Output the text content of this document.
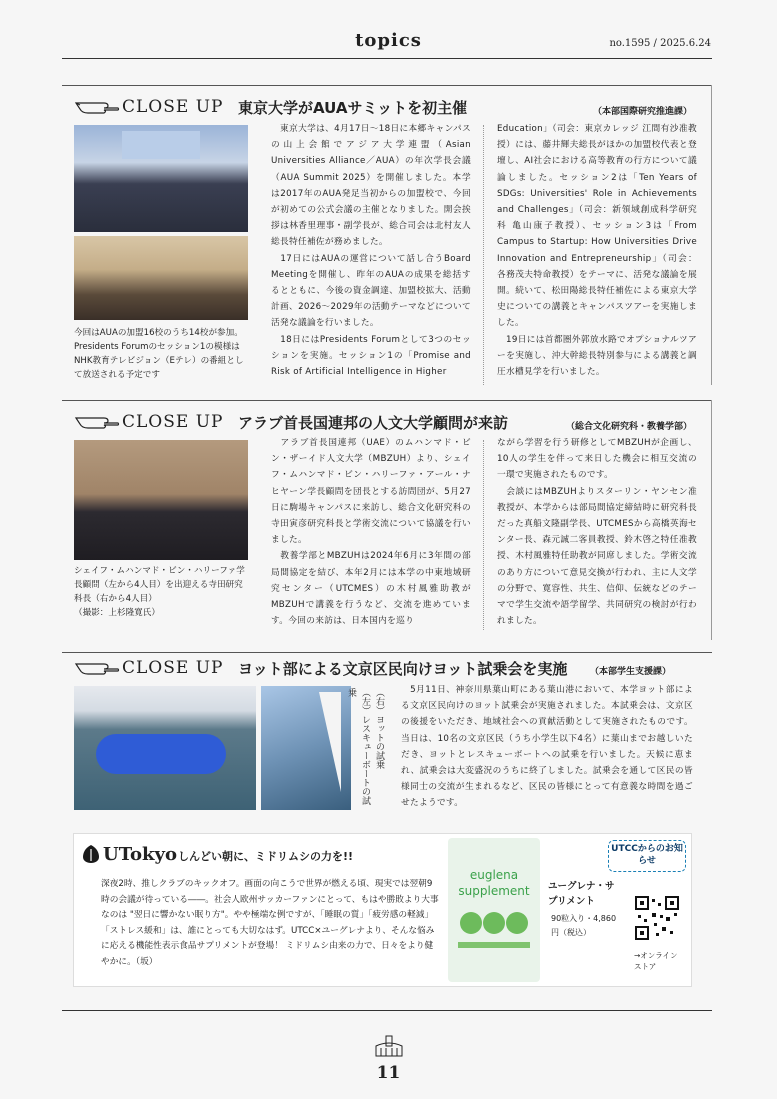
topics	no.1595 / 2025.6.24
CLOSE UP 東京大学がAUAサミットを初主催	（本部国際研究推進課）
今回はAUAの加盟16校のうち14校が参加。Presidents Forumのセッション1の模様はNHK教育テレビジョン（Eテレ）の番組として放送される予定です
　東京大学は、4月17日〜18日に本郷キャンパスの山上会館でアジア大学連盟（Asian Universities Alliance／AUA）の年次学長会議（AUA Summit 2025）を開催しました。本学は2017年のAUA発足当初からの加盟校で、今回が初めての公式会議の主催となりました。開会挨拶は林香里理事・副学長が、総合司会は北村友人総長特任補佐が務めました。
　17日にはAUAの運営について話し合うBoard Meetingを開催し、昨年のAUAの成果を総括するとともに、今後の資金調達、加盟校拡大、活動計画、2026〜2029年の活動テーマなどについて活発な議論を行いました。
　18日にはPresidents Forumとして3つのセッションを実施。セッション1の「Promise and Risk of Artificial Intelligence in Higher
Education」（司会：東京カレッジ 江間有沙准教授）には、藤井輝夫総長がほかの加盟校代表と登壇し、AI社会における高等教育の行方について議論しました。セッション2は「Ten Years of SDGs: Universities' Role in Achievements and Challenges」（司会：新領域創成科学研究科 亀山康子教授）、セッション3は「From Campus to Startup: How Universities Drive Innovation and Entrepreneurship」（司会：各務茂夫特命教授）をテーマに、活発な議論を展開。続いて、松田陽総長特任補佐による東京大学史についての講義とキャンパスツアーを実施しました。
　19日には首都圏外郭放水路でオプショナルツアーを実施し、沖大幹総長特別参与による講義と調圧水槽見学を行いました。
CLOSE UP アラブ首長国連邦の人文大学顧問が来訪	（総合文化研究科・教養学部）
シェイフ・ムハンマド・ビン・ハリーファ学長顧問（左から4人目）を出迎える寺田研究科長（右から4人目）
（撮影：上杉隆寛氏）
　アラブ首長国連邦（UAE）のムハンマド・ビン・ザーイド人文大学（MBZUH）より、シェイフ・ムハンマド・ビン・ハリーファ・アール・ナヒヤーン学長顧問を団長とする訪問団が、5月27日に駒場キャンパスに来訪し、総合文化研究科の寺田寅彦研究科長と学術交流について協議を行いました。
　教養学部とMBZUHは2024年6月に3年間の部局間協定を結び、本年2月には本学の中東地域研究センター（UTCMES）の木村風雅助教がMBZUHで講義を行うなど、交流を進めています。今回の来訪は、日本国内を巡り
ながら学習を行う研修としてMBZUHが企画し、10人の学生を伴って来日した機会に相互交流の一環で実施されたものです。
　会談にはMBZUHよりスターリン・ヤンセン准教授が、本学からは部局間協定締結時に研究科長だった真船文隆副学長、UTCMESから高橋英海センター長、森元誠二客員教授、鈴木啓之特任准教授、木村風雅特任助教が同席しました。学術交流のあり方について意見交換が行われ、主に人文学の分野で、寛容性、共生、信仰、伝統などのテーマで学生交流や語学留学、共同研究の検討が行われました。
CLOSE UP ヨット部による文京区民向けヨット試乗会を実施	（本部学生支援課）
（右）ヨットの試乗
（左）レスキューボートの試乗	　5月11日、神奈川県葉山町にある葉山港において、本学ヨット部による文京区民向けのヨット試乗会が実施されました。本試乗会は、文京区の後援をいただき、地域社会への貢献活動として実施されたものです。当日は、10名の文京区民（うち小学生以下4名）に葉山までお越しいただき、ヨットとレスキューボートへの試乗を行いました。天候に恵まれ、試乗会は大変盛況のうちに終了しました。試乗会を通して区民の皆様同士の交流が生まれるなど、区民の皆様にとって有意義な時間を過ごせたようです。
UTokyo しんどい朝に、ミドリムシの力を!!
深夜2時、推しクラブのキックオフ。画面の向こうで世界が燃える頃、現実では翌朝9時の会議が待っている――。社会人欧州サッカーファンにとって、もはや勝敗より大事なのは "翌日に響かない眠り方"。やや極端な例ですが、「睡眠の質」「疲労感の軽減」「ストレス緩和」は、誰にとっても大切なはず。UTCC×ユーグレナより、そんな悩みに応える機能性表示食品サプリメントが登場！ ミドリムシ由来の力で、日々をより健やかに。（坂）
euglena
supplement	ユーグレナ・サプリメント
90粒入り・4,860円（税込）
UTCCからのお知らせ
→オンラインストア
11
